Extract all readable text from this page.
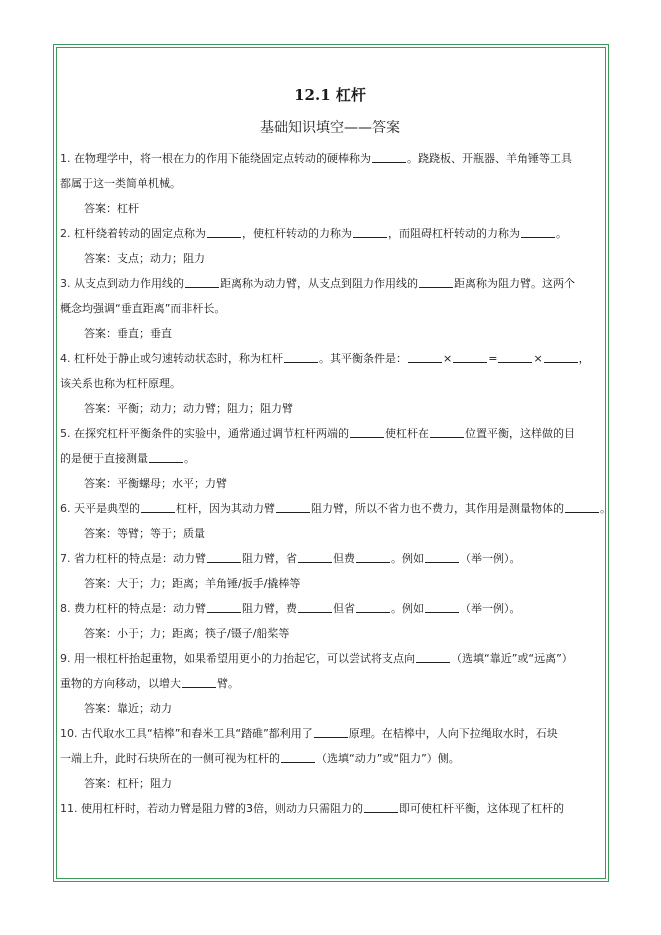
12.1 杠杆
基础知识填空——答案

1. 在物理学中，将一根在力的作用下能绕固定点转动的硬棒称为	。跷跷板、开瓶器、羊角锤等工具

都属于这一类简单机械。

答案：杠杆

2. 杠杆绕着转动的固定点称为	，使杠杆转动的力称为	，而阻碍杠杆转动的力称为	。

答案：支点；动力；阻力

3. 从支点到动力作用线的	距离称为动力臂，从支点到阻力作用线的	距离称为阻力臂。这两个

概念均强调“垂直距离”而非杆长。

答案：垂直；垂直

4. 杠杆处于静止或匀速转动状态时，称为杠杆	。其平衡条件是：	×	=	×	，

该关系也称为杠杆原理。

答案：平衡；动力；动力臂；阻力；阻力臂

5. 在探究杠杆平衡条件的实验中，通常通过调节杠杆两端的	使杠杆在	位置平衡，这样做的目

的是便于直接测量	。

答案：平衡螺母；水平；力臂

6. 天平是典型的	杠杆，因为其动力臂	阻力臂，所以不省力也不费力，其作用是测量物体的	。

答案：等臂；等于；质量

7. 省力杠杆的特点是：动力臂	阻力臂，省	但费	。例如	（举一例）。

答案：大于；力；距离；羊角锤/扳手/撬棒等

8. 费力杠杆的特点是：动力臂	阻力臂，费	但省	。例如	（举一例）。

答案：小于；力；距离；筷子/镊子/船桨等

9. 用一根杠杆抬起重物，如果希望用更小的力抬起它，可以尝试将支点向	（选填“靠近”或“远离”）

重物的方向移动，以增大	臂。

答案：靠近；动力

10. 古代取水工具“桔槔”和舂米工具“踏碓”都利用了	原理。在桔槔中，人向下拉绳取水时，石块

一端上升，此时石块所在的一侧可视为杠杆的	（选填“动力”或“阻力”）侧。

答案：杠杆；阻力

11. 使用杠杆时，若动力臂是阻力臂的3倍，则动力只需阻力的	即可使杠杆平衡，这体现了杠杆的
